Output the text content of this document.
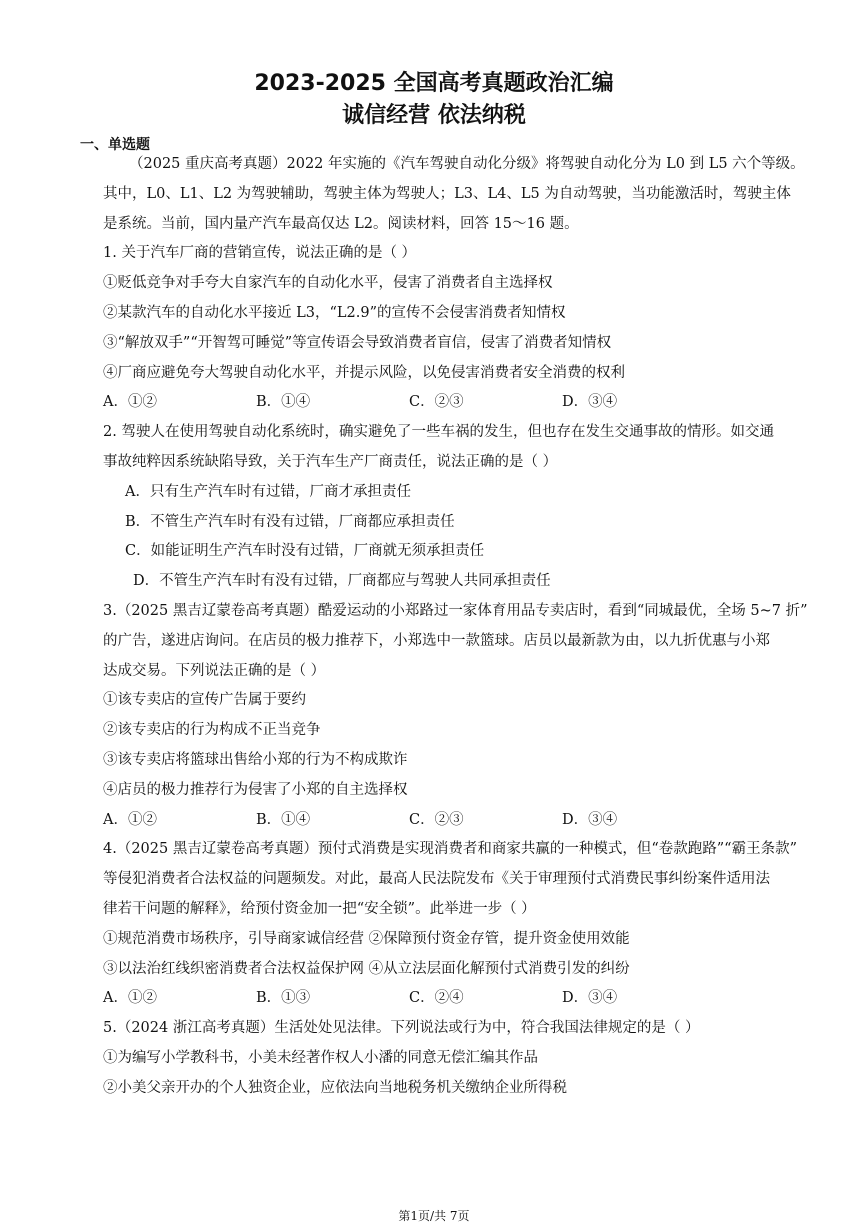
2023-2025 全国高考真题政治汇编
诚信经营 依法纳税
一、单选题

（2025 重庆高考真题）2022 年实施的《汽车驾驶自动化分级》将驾驶自动化分为 L0 到 L5 六个等级。

其中，L0、L1、L2 为驾驶辅助，驾驶主体为驾驶人；L3、L4、L5 为自动驾驶，当功能激活时，驾驶主体

是系统。当前，国内量产汽车最高仅达 L2。阅读材料，回答 15～16 题。

1. 关于汽车厂商的营销宣传，说法正确的是（ ）

①贬低竞争对手夸大自家汽车的自动化水平，侵害了消费者自主选择权

②某款汽车的自动化水平接近 L3，“L2.9”的宣传不会侵害消费者知情权

③“解放双手”“开智驾可睡觉”等宣传语会导致消费者盲信，侵害了消费者知情权

④厂商应避免夸大驾驶自动化水平，并提示风险，以免侵害消费者安全消费的权利

A．①②	B．①④	C．②③	D．③④

2. 驾驶人在使用驾驶自动化系统时，确实避免了一些车祸的发生，但也存在发生交通事故的情形。如交通

事故纯粹因系统缺陷导致，关于汽车生产厂商责任，说法正确的是（ ）

A．只有生产汽车时有过错，厂商才承担责任

B．不管生产汽车时有没有过错，厂商都应承担责任

C．如能证明生产汽车时没有过错，厂商就无须承担责任

D．不管生产汽车时有没有过错，厂商都应与驾驶人共同承担责任

3.（2025 黑吉辽蒙卷高考真题）酷爱运动的小郑路过一家体育用品专卖店时，看到“同城最优，全场 5~7 折”

的广告，遂进店询问。在店员的极力推荐下，小郑选中一款篮球。店员以最新款为由，以九折优惠与小郑

达成交易。下列说法正确的是（ ）

①该专卖店的宣传广告属于要约

②该专卖店的行为构成不正当竞争

③该专卖店将篮球出售给小郑的行为不构成欺诈

④店员的极力推荐行为侵害了小郑的自主选择权

A．①②	B．①④	C．②③	D．③④

4.（2025 黑吉辽蒙卷高考真题）预付式消费是实现消费者和商家共赢的一种模式，但“卷款跑路”“霸王条款”

等侵犯消费者合法权益的问题频发。对此，最高人民法院发布《关于审理预付式消费民事纠纷案件适用法

律若干问题的解释》，给预付资金加一把“安全锁”。此举进一步（ ）

①规范消费市场秩序，引导商家诚信经营 ②保障预付资金存管，提升资金使用效能

③以法治红线织密消费者合法权益保护网 ④从立法层面化解预付式消费引发的纠纷

A．①②	B．①③	C．②④	D．③④

5.（2024 浙江高考真题）生活处处见法律。下列说法或行为中，符合我国法律规定的是（ ）

①为编写小学教科书，小美未经著作权人小潘的同意无偿汇编其作品

②小美父亲开办的个人独资企业，应依法向当地税务机关缴纳企业所得税

第1页/共 7页
